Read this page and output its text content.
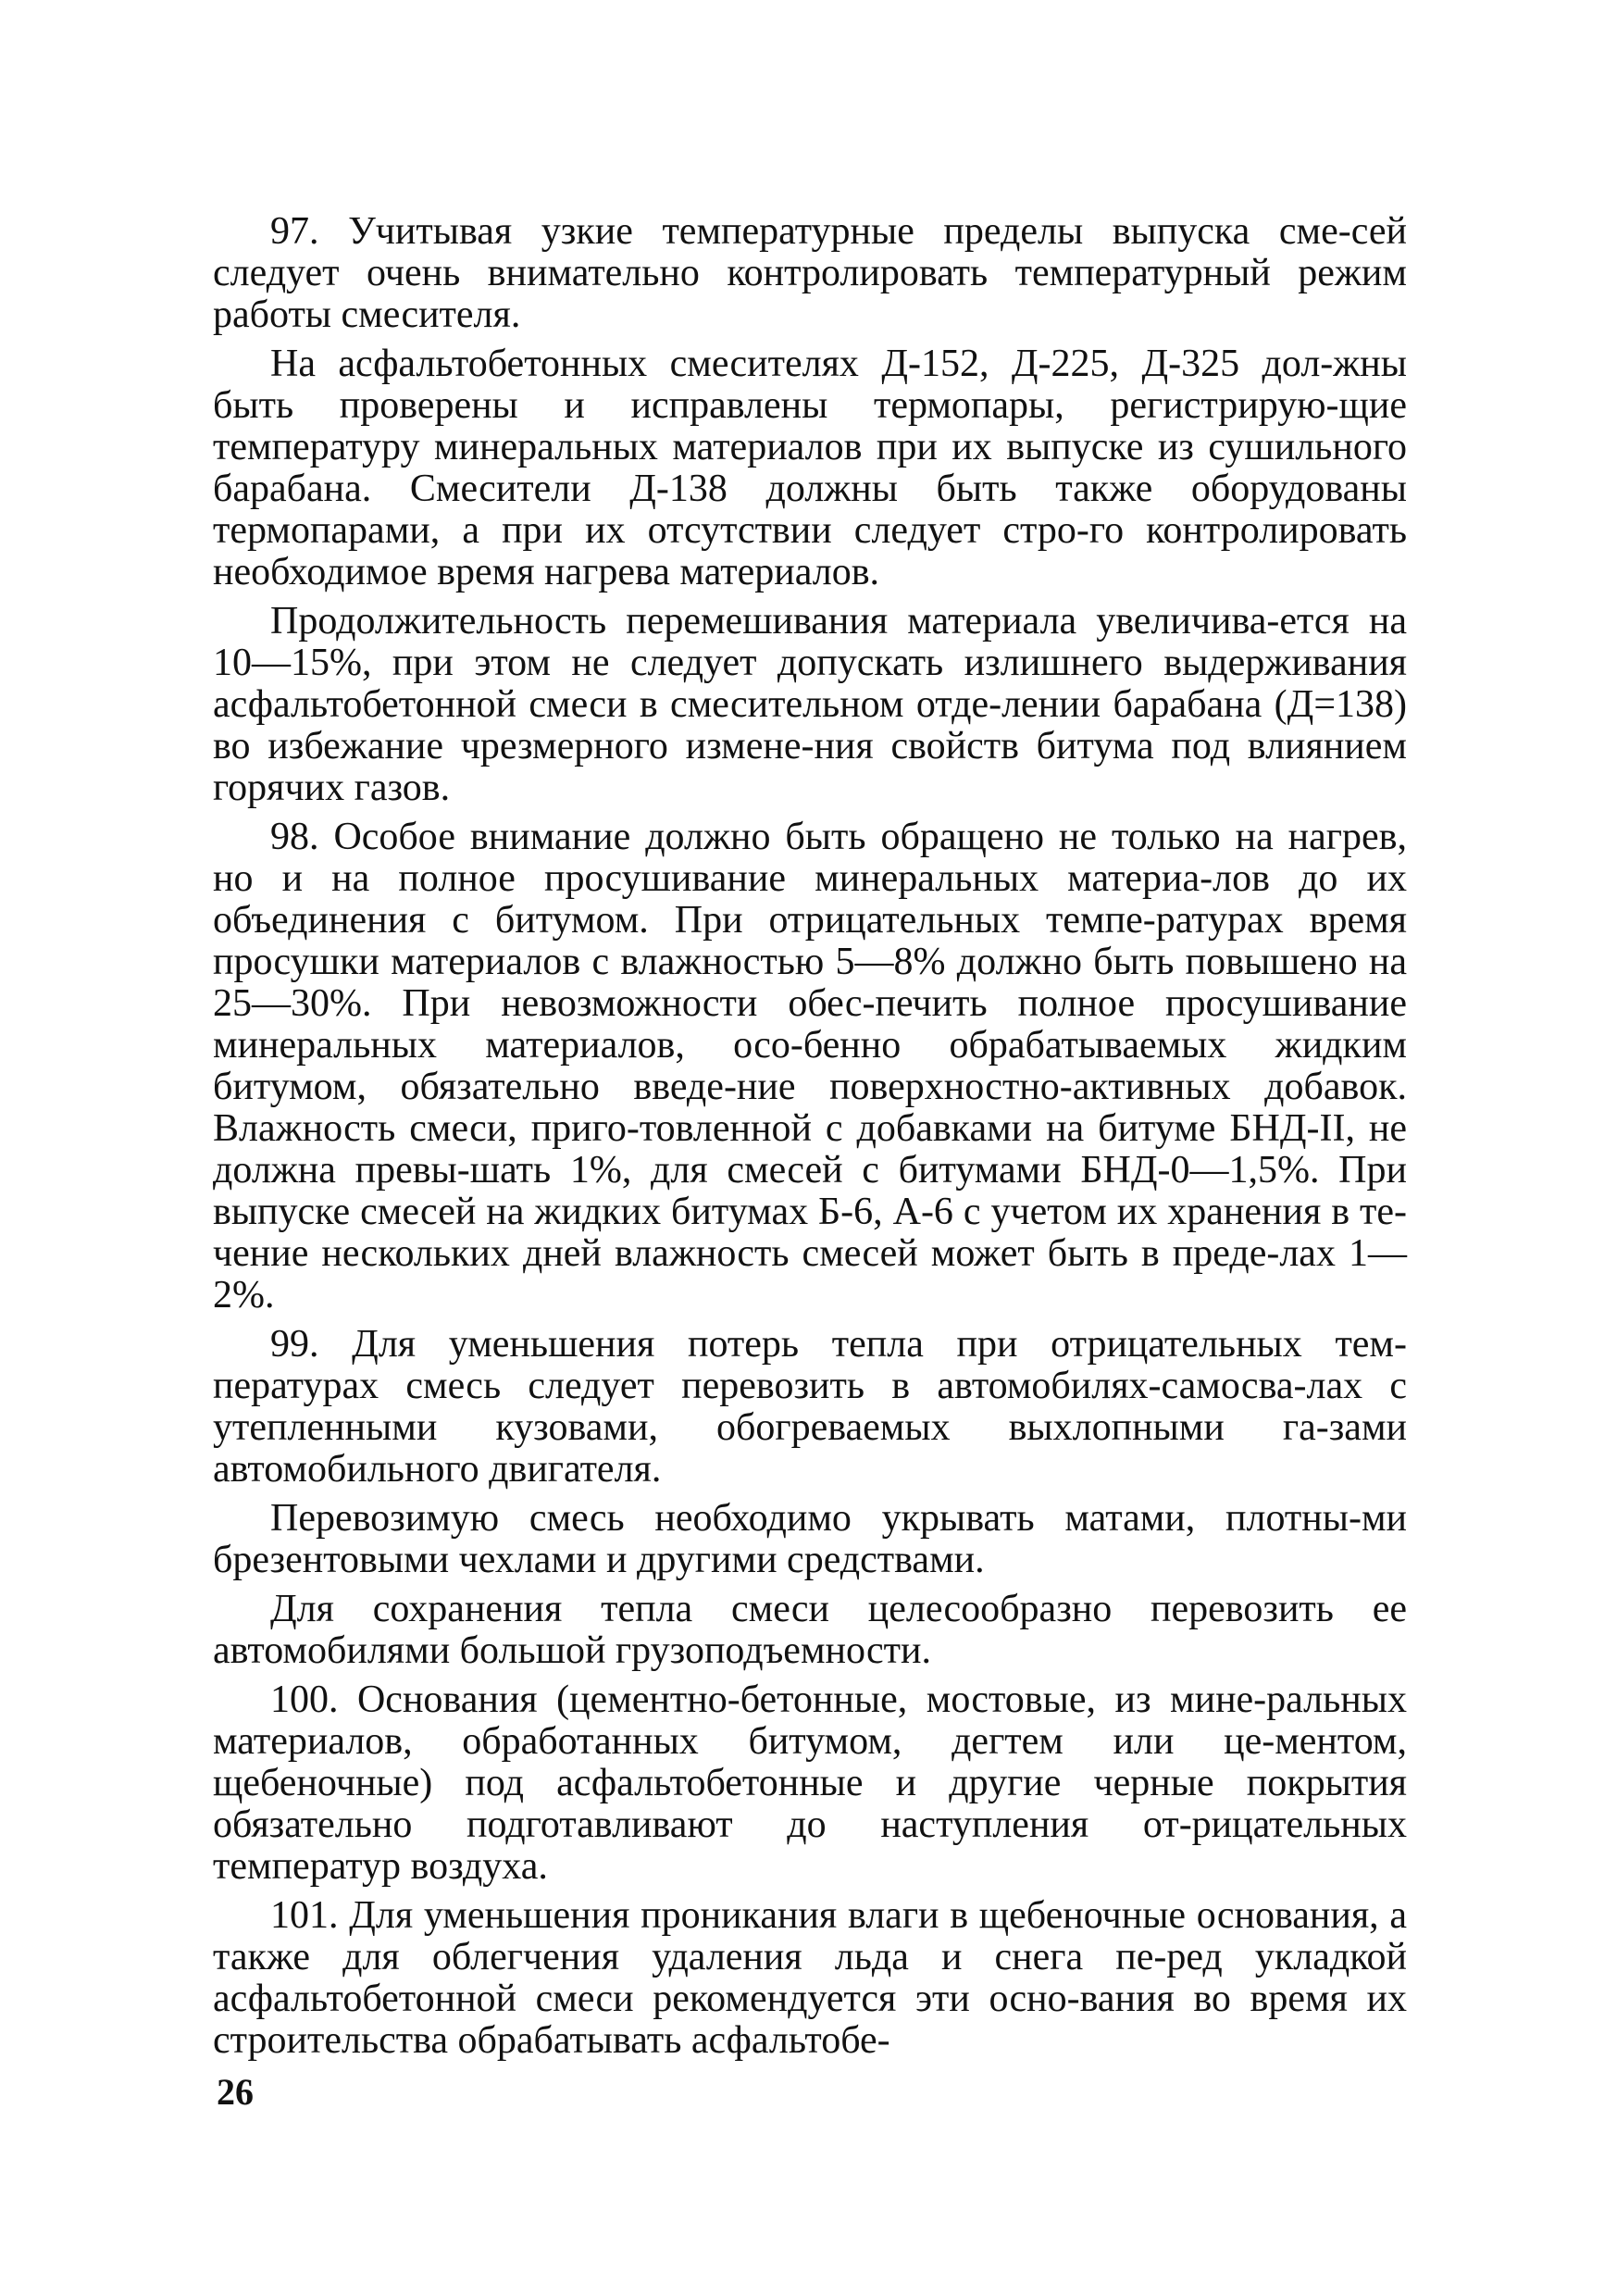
97. Учитывая узкие температурные пределы выпуска сме-сей следует очень внимательно контролировать температурный режим работы смесителя.

На асфальтобетонных смесителях Д-152, Д-225, Д-325 дол-жны быть проверены и исправлены термопары, регистрирую-щие температуру минеральных материалов при их выпуске из сушильного барабана. Смесители Д-138 должны быть также оборудованы термопарами, а при их отсутствии следует стро-го контролировать необходимое время нагрева материалов.

Продолжительность перемешивания материала увеличива-ется на 10—15%, при этом не следует допускать излишнего выдерживания асфальтобетонной смеси в смесительном отде-лении барабана (Д=138) во избежание чрезмерного измене-ния свойств битума под влиянием горячих газов.

98. Особое внимание должно быть обращено не только на нагрев, но и на полное просушивание минеральных материа-лов до их объединения с битумом. При отрицательных темпе-ратурах время просушки материалов с влажностью 5—8% должно быть повышено на 25—30%. При невозможности обес-печить полное просушивание минеральных материалов, осо-бенно обрабатываемых жидким битумом, обязательно введе-ние поверхностно-активных добавок. Влажность смеси, приго-товленной с добавками на битуме БНД-II, не должна превы-шать 1%, для смесей с битумами БНД-0—1,5%. При выпуске смесей на жидких битумах Б-6, А-6 с учетом их хранения в те-чение нескольких дней влажность смесей может быть в преде-лах 1—2%.

99. Для уменьшения потерь тепла при отрицательных тем-пературах смесь следует перевозить в автомобилях-самосва-лах с утепленными кузовами, обогреваемых выхлопными га-зами автомобильного двигателя.

Перевозимую смесь необходимо укрывать матами, плотны-ми брезентовыми чехлами и другими средствами.

Для сохранения тепла смеси целесообразно перевозить ее автомобилями большой грузоподъемности.

100. Основания (цементно-бетонные, мостовые, из мине-ральных материалов, обработанных битумом, дегтем или це-ментом, щебеночные) под асфальтобетонные и другие черные покрытия обязательно подготавливают до наступления от-рицательных температур воздуха.

101. Для уменьшения проникания влаги в щебеночные основания, а также для облегчения удаления льда и снега пе-ред укладкой асфальтобетонной смеси рекомендуется эти осно-вания во время их строительства обрабатывать асфальтобе-

26
